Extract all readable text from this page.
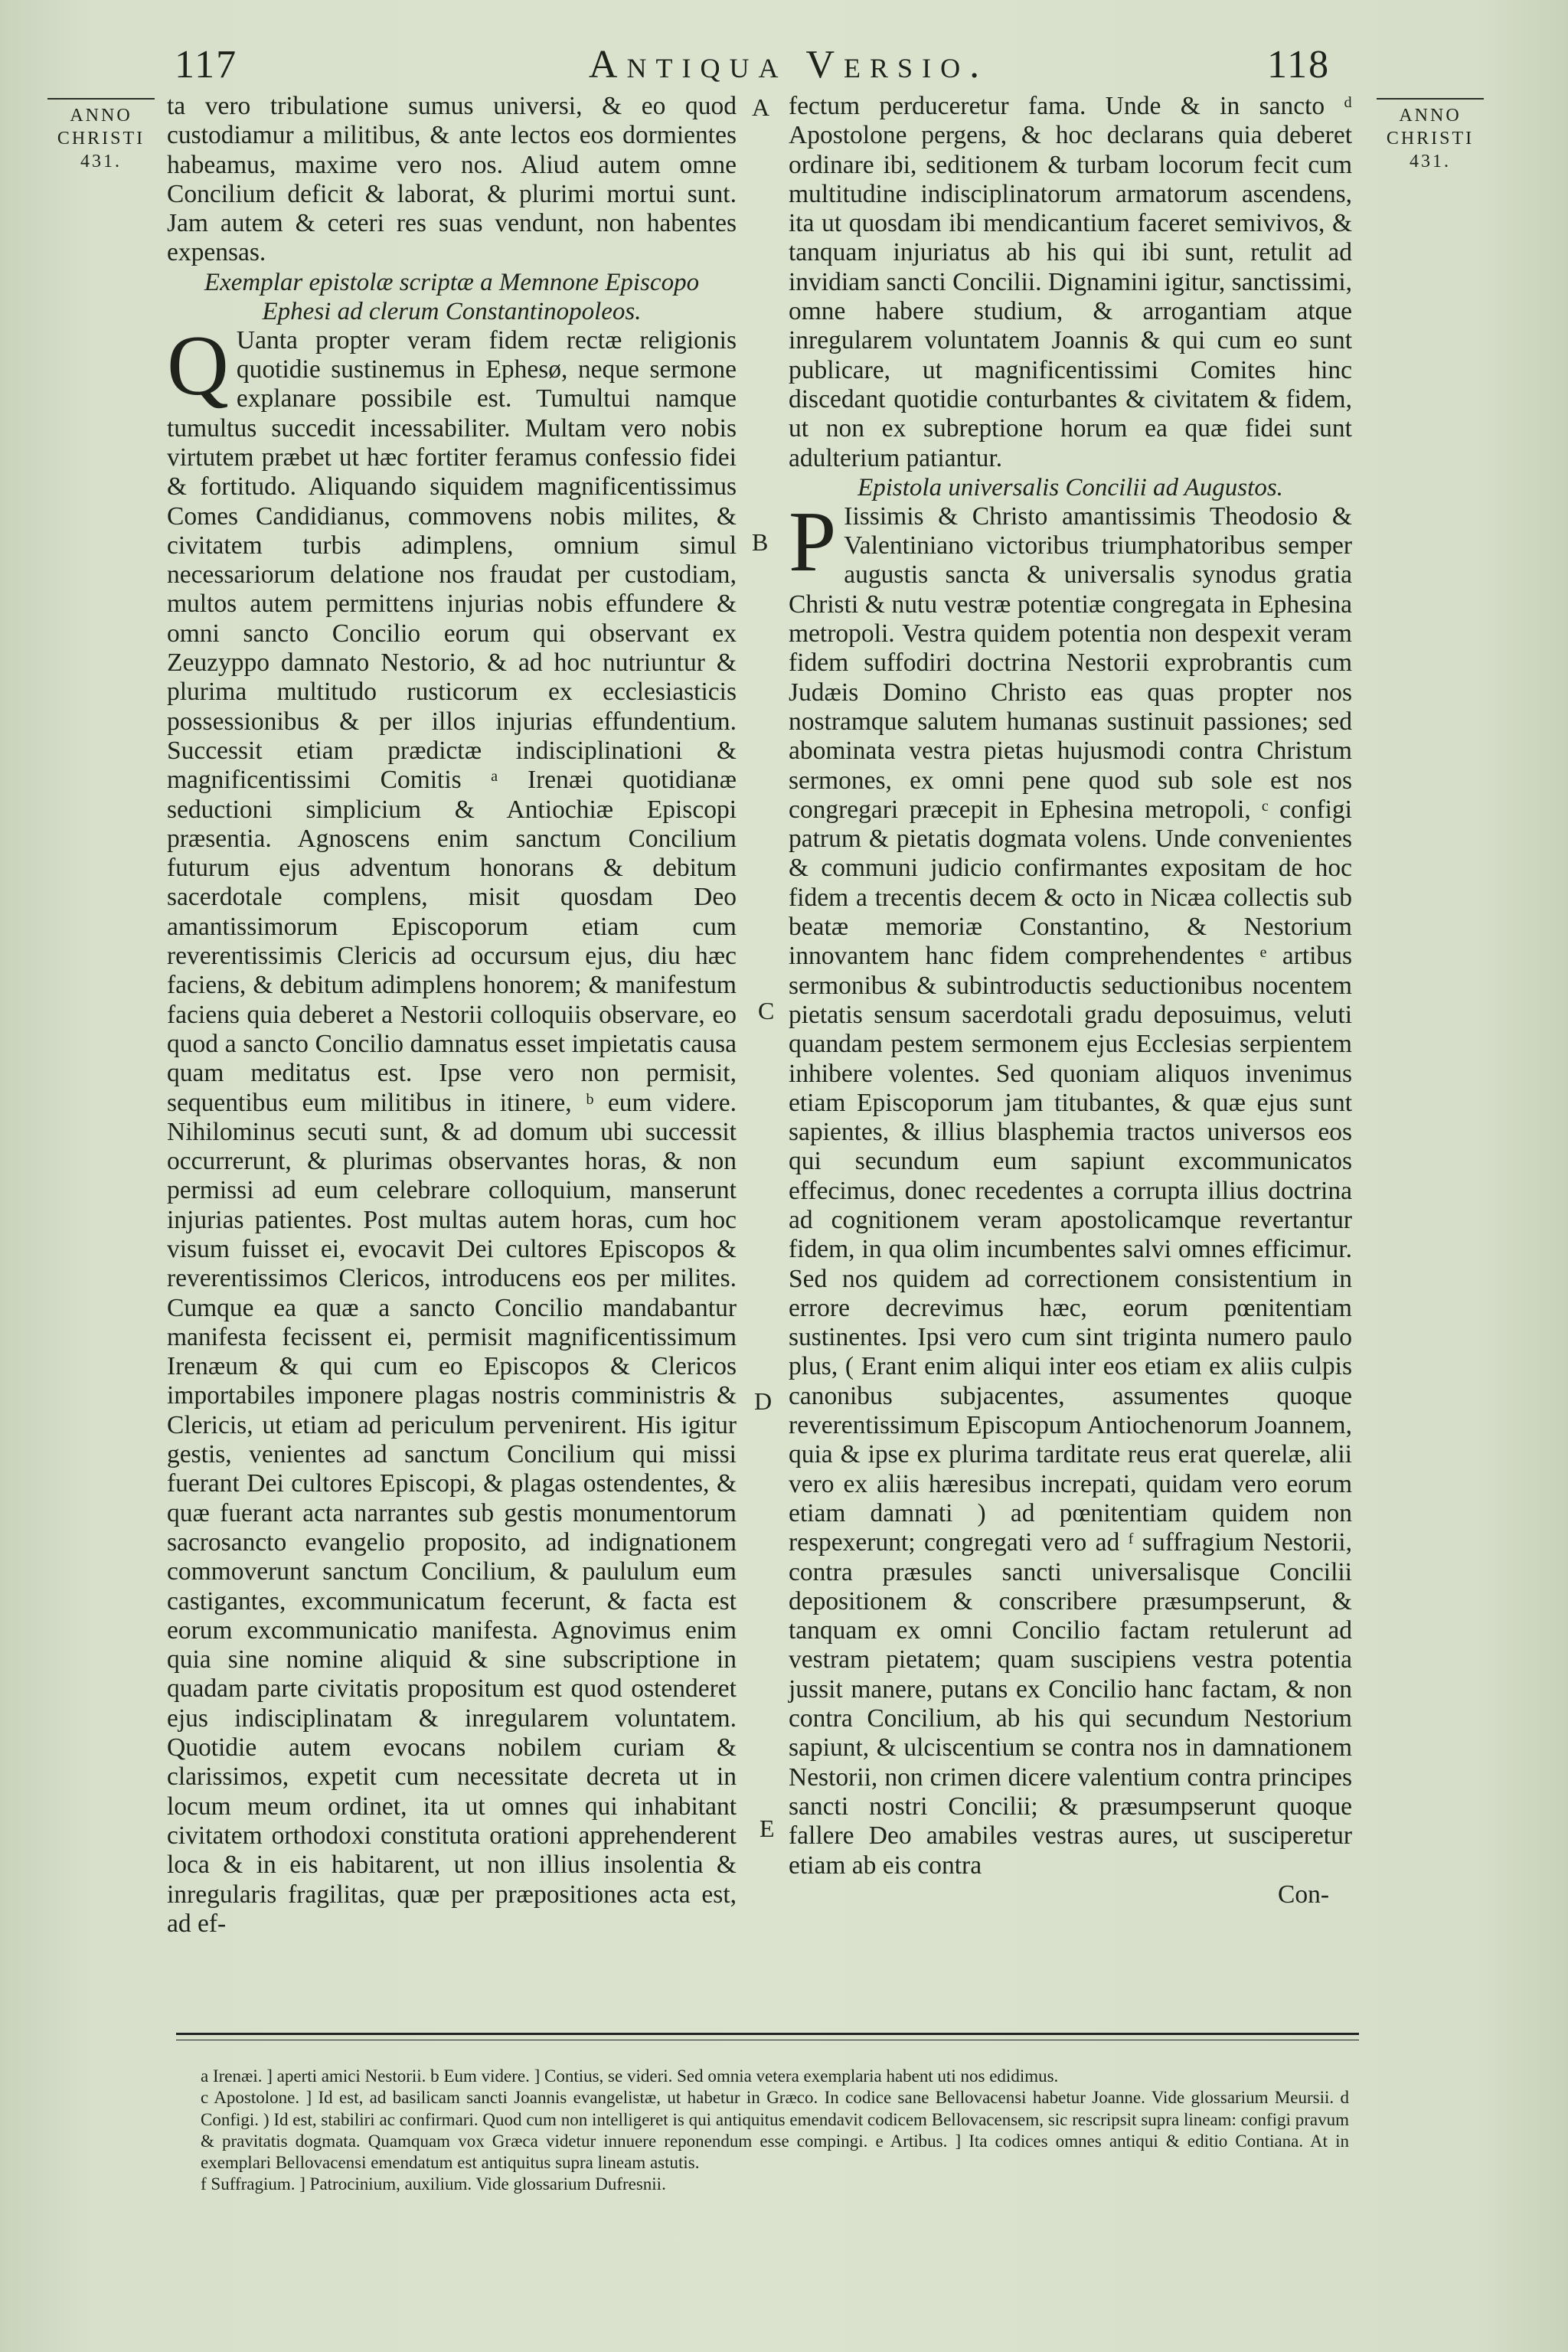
117	Antiqua Versio.	118
ANNO
CHRISTI
431.
ANNO
CHRISTI
431.
A
B
C
D
E

ta vero tribulatione sumus universi, & eo quod custodiamur a militibus, & ante lectos eos dormientes habeamus, maxime vero nos. Aliud autem omne Concilium deficit & laborat, & plurimi mortui sunt. Jam autem & ceteri res suas vendunt, non habentes expensas.

Exemplar epistolæ scriptæ a Memnone Episcopo Ephesi ad clerum Constantinopoleos.

Q Uanta propter veram fidem rectæ religionis quotidie sustinemus in Ephesø, neque sermone explanare possibile est. Tumultui namque tumultus succedit incessabiliter. Multam vero nobis virtutem præbet ut hæc fortiter feramus confessio fidei & fortitudo. Aliquando siquidem magnificentissimus Comes Candidianus, commovens nobis milites, & civitatem turbis adimplens, omnium simul necessariorum delatione nos fraudat per custodiam, multos autem permittens injurias nobis effundere & omni sancto Concilio eorum qui observant ex Zeuzyppo damnato Nestorio, & ad hoc nutriuntur & plurima multitudo rusticorum ex ecclesiasticis possessionibus & per illos injurias effundentium. Successit etiam prædictæ indisciplinationi & magnificentissimi Comitis ᵃ Irenæi quotidianæ seductioni simplicium & Antiochiæ Episcopi præsentia. Agnoscens enim sanctum Concilium futurum ejus adventum honorans & debitum sacerdotale complens, misit quosdam Deo amantissimorum Episcoporum etiam cum reverentissimis Clericis ad occursum ejus, diu hæc faciens, & debitum adimplens honorem; & manifestum faciens quia deberet a Nestorii colloquiis observare, eo quod a sancto Concilio damnatus esset impietatis causa quam meditatus est. Ipse vero non permisit, sequentibus eum militibus in itinere, ᵇ eum videre. Nihilominus secuti sunt, & ad domum ubi successit occurrerunt, & plurimas observantes horas, & non permissi ad eum celebrare colloquium, manserunt injurias patientes. Post multas autem horas, cum hoc visum fuisset ei, evocavit Dei cultores Episcopos & reverentissimos Clericos, introducens eos per milites. Cumque ea quæ a sancto Concilio mandabantur manifesta fecissent ei, permisit magnificentissimum Irenæum & qui cum eo Episcopos & Clericos importabiles imponere plagas nostris comministris & Clericis, ut etiam ad periculum pervenirent. His igitur gestis, venientes ad sanctum Concilium qui missi fuerant Dei cultores Episcopi, & plagas ostendentes, & quæ fuerant acta narrantes sub gestis monumentorum sacrosancto evangelio proposito, ad indignationem commoverunt sanctum Concilium, & paululum eum castigantes, excommunicatum fecerunt, & facta est eorum excommunicatio manifesta. Agnovimus enim quia sine nomine aliquid & sine subscriptione in quadam parte civitatis propositum est quod ostenderet ejus indisciplinatam & inregularem voluntatem. Quotidie autem evocans nobilem curiam & clarissimos, expetit cum necessitate decreta ut in locum meum ordinet, ita ut omnes qui inhabitant civitatem orthodoxi constituta orationi apprehenderent loca & in eis habitarent, ut non illius insolentia & inregularis fragilitas, quæ per præpositiones acta est, ad ef-

fectum perduceretur fama. Unde & in sancto ᵈ Apostolone pergens, & hoc declarans quia deberet ordinare ibi, seditionem & turbam locorum fecit cum multitudine indisciplinatorum armatorum ascendens, ita ut quosdam ibi mendicantium faceret semivivos, & tanquam injuriatus ab his qui ibi sunt, retulit ad invidiam sancti Concilii. Dignamini igitur, sanctissimi, omne habere studium, & arrogantiam atque inregularem voluntatem Joannis & qui cum eo sunt publicare, ut magnificentissimi Comites hinc discedant quotidie conturbantes & civitatem & fidem, ut non ex subreptione horum ea quæ fidei sunt adulterium patiantur.

Epistola universalis Concilii ad Augustos.

P Iissimis & Christo amantissimis Theodosio & Valentiniano victoribus triumphatoribus semper augustis sancta & universalis synodus gratia Christi & nutu vestræ potentiæ congregata in Ephesina metropoli. Vestra quidem potentia non despexit veram fidem suffodiri doctrina Nestorii exprobrantis cum Judæis Domino Christo eas quas propter nos nostramque salutem humanas sustinuit passiones; sed abominata vestra pietas hujusmodi contra Christum sermones, ex omni pene quod sub sole est nos congregari præcepit in Ephesina metropoli, ᶜ configi patrum & pietatis dogmata volens. Unde convenientes & communi judicio confirmantes expositam de hoc fidem a trecentis decem & octo in Nicæa collectis sub beatæ memoriæ Constantino, & Nestorium innovantem hanc fidem comprehendentes ᵉ artibus sermonibus & subintroductis seductionibus nocentem pietatis sensum sacerdotali gradu deposuimus, veluti quandam pestem sermonem ejus Ecclesias serpientem inhibere volentes. Sed quoniam aliquos invenimus etiam Episcoporum jam titubantes, & quæ ejus sunt sapientes, & illius blasphemia tractos universos eos qui secundum eum sapiunt excommunicatos effecimus, donec recedentes a corrupta illius doctrina ad cognitionem veram apostolicamque revertantur fidem, in qua olim incumbentes salvi omnes efficimur. Sed nos quidem ad correctionem consistentium in errore decrevimus hæc, eorum pœnitentiam sustinentes. Ipsi vero cum sint triginta numero paulo plus, ( Erant enim aliqui inter eos etiam ex aliis culpis canonibus subjacentes, assumentes quoque reverentissimum Episcopum Antiochenorum Joannem, quia & ipse ex plurima tarditate reus erat querelæ, alii vero ex aliis hæresibus increpati, quidam vero eorum etiam damnati ) ad pœnitentiam quidem non respexerunt; congregati vero ad ᶠ suffragium Nestorii, contra præsules sancti universalisque Concilii depositionem & conscribere præsumpserunt, & tanquam ex omni Concilio factam retulerunt ad vestram pietatem; quam suscipiens vestra potentia jussit manere, putans ex Concilio hanc factam, & non contra Concilium, ab his qui secundum Nestorium sapiunt, & ulciscentium se contra nos in damnationem Nestorii, non crimen dicere valentium contra principes sancti nostri Concilii; & præsumpserunt quoque fallere Deo amabiles vestras aures, ut susciperetur etiam ab eis contra

Con-

a Irenæi. ] aperti amici Nestorii. b Eum videre. ] Contius, se videri. Sed omnia vetera exemplaria habent uti nos edidimus.

c Apostolone. ] Id est, ad basilicam sancti Joannis evangelistæ, ut habetur in Græco. In codice sane Bellovacensi habetur Joanne. Vide glossarium Meursii. d Configi. ) Id est, stabiliri ac confirmari. Quod cum non intelligeret is qui antiquitus emendavit codicem Bellovacensem, sic rescripsit supra lineam: configi pravum & pravitatis dogmata. Quamquam vox Græca videtur innuere reponendum esse compingi. e Artibus. ] Ita codices omnes antiqui & editio Contiana. At in exemplari Bellovacensi emendatum est antiquitus supra lineam astutis.

f Suffragium. ] Patrocinium, auxilium. Vide glossarium Dufresnii.
